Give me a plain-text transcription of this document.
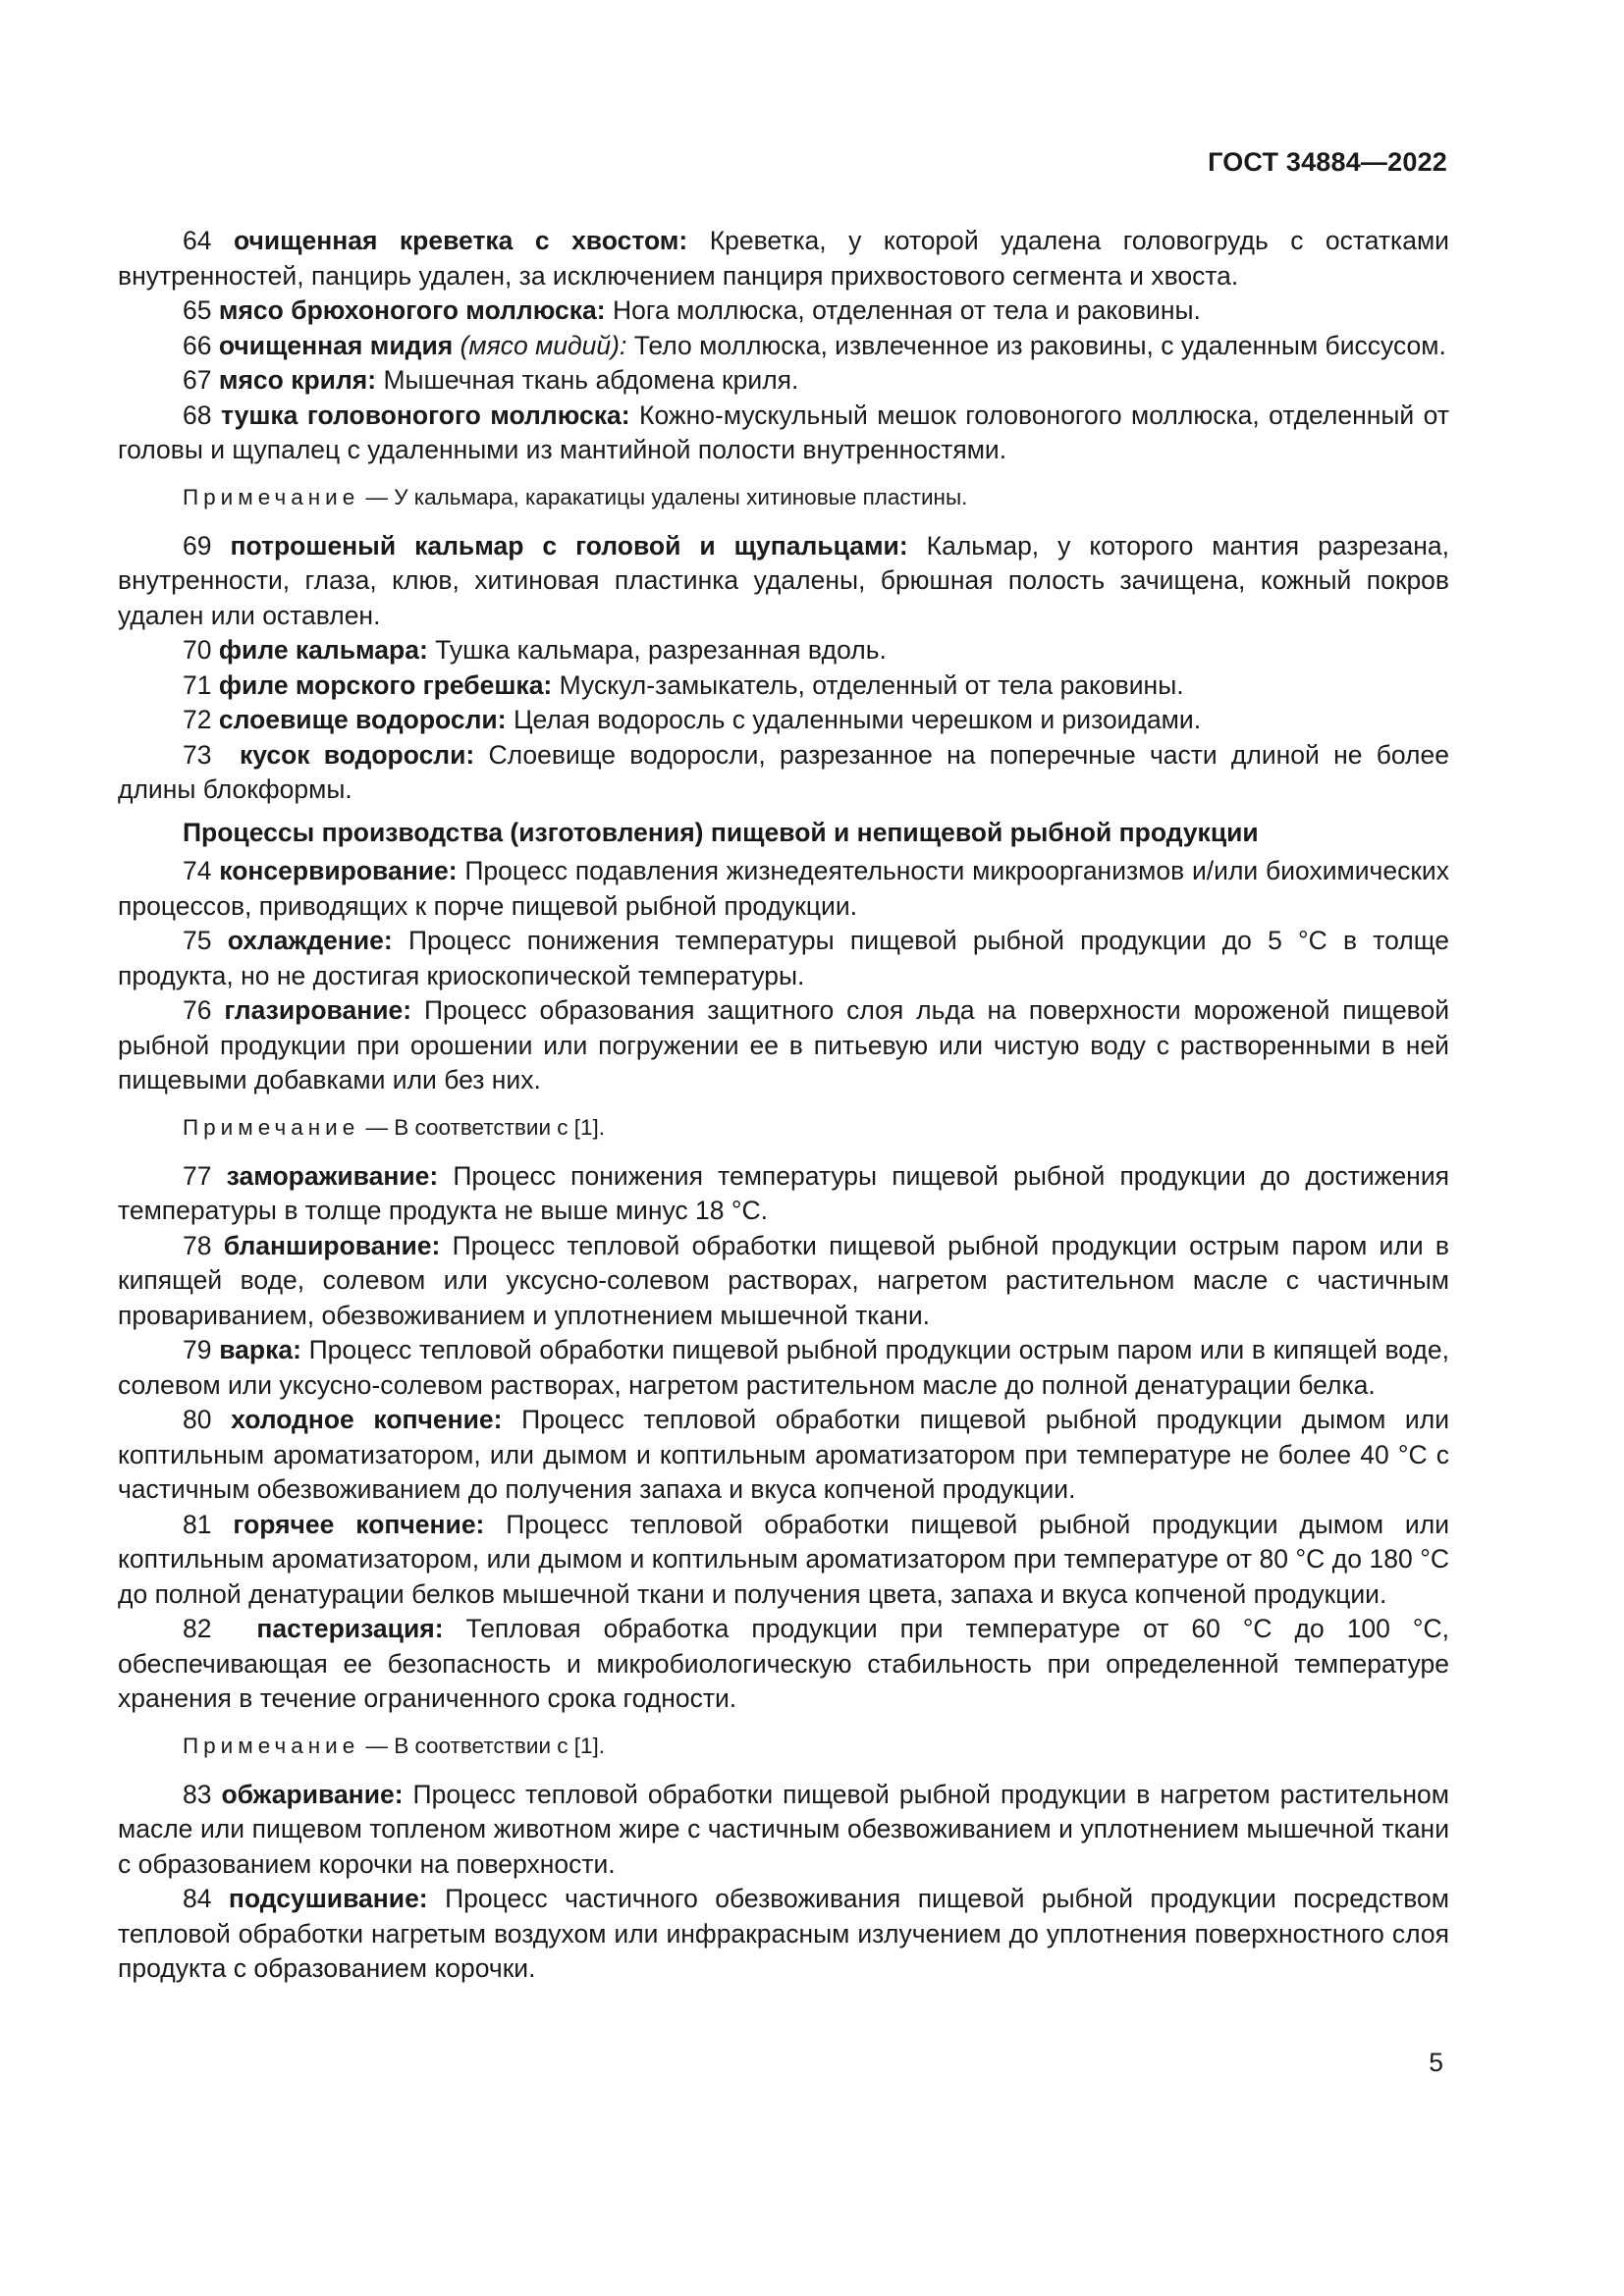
ГОСТ 34884—2022

64 очищенная креветка с хвостом: Креветка, у которой удалена головогрудь с остатками внутренностей, панцирь удален, за исключением панциря прихвостового сегмента и хвоста.

65 мясо брюхоногого моллюска: Нога моллюска, отделенная от тела и раковины.

66 очищенная мидия (мясо мидий): Тело моллюска, извлеченное из раковины, с удаленным биссусом.

67 мясо криля: Мышечная ткань абдомена криля.

68 тушка головоногого моллюска: Кожно-мускульный мешок головоногого моллюска, отделенный от головы и щупалец с удаленными из мантийной полости внутренностями.

Примечание — У кальмара, каракатицы удалены хитиновые пластины.

69 потрошеный кальмар с головой и щупальцами: Кальмар, у которого мантия разрезана, внутренности, глаза, клюв, хитиновая пластинка удалены, брюшная полость зачищена, кожный покров удален или оставлен.

70 филе кальмара: Тушка кальмара, разрезанная вдоль.

71 филе морского гребешка: Мускул-замыкатель, отделенный от тела раковины.

72 слоевище водоросли: Целая водоросль с удаленными черешком и ризоидами.

73 кусок водоросли: Слоевище водоросли, разрезанное на поперечные части длиной не более длины блокформы.

Процессы производства (изготовления) пищевой и непищевой рыбной продукции

74 консервирование: Процесс подавления жизнедеятельности микроорганизмов и/или биохимических процессов, приводящих к порче пищевой рыбной продукции.

75 охлаждение: Процесс понижения температуры пищевой рыбной продукции до 5 °С в толще продукта, но не достигая криоскопической температуры.

76 глазирование: Процесс образования защитного слоя льда на поверхности мороженой пищевой рыбной продукции при орошении или погружении ее в питьевую или чистую воду с растворенными в ней пищевыми добавками или без них.

Примечание — В соответствии с [1].

77 замораживание: Процесс понижения температуры пищевой рыбной продукции до достижения температуры в толще продукта не выше минус 18 °С.

78 бланширование: Процесс тепловой обработки пищевой рыбной продукции острым паром или в кипящей воде, солевом или уксусно-солевом растворах, нагретом растительном масле с частичным провариванием, обезвоживанием и уплотнением мышечной ткани.

79 варка: Процесс тепловой обработки пищевой рыбной продукции острым паром или в кипящей воде, солевом или уксусно-солевом растворах, нагретом растительном масле до полной денатурации белка.

80 холодное копчение: Процесс тепловой обработки пищевой рыбной продукции дымом или коптильным ароматизатором, или дымом и коптильным ароматизатором при температуре не более 40 °С с частичным обезвоживанием до получения запаха и вкуса копченой продукции.

81 горячее копчение: Процесс тепловой обработки пищевой рыбной продукции дымом или коптильным ароматизатором, или дымом и коптильным ароматизатором при температуре от 80 °С до 180 °С до полной денатурации белков мышечной ткани и получения цвета, запаха и вкуса копченой продукции.

82 пастеризация: Тепловая обработка продукции при температуре от 60 °С до 100 °С, обеспечивающая ее безопасность и микробиологическую стабильность при определенной температуре хранения в течение ограниченного срока годности.

Примечание — В соответствии с [1].

83 обжаривание: Процесс тепловой обработки пищевой рыбной продукции в нагретом растительном масле или пищевом топленом животном жире с частичным обезвоживанием и уплотнением мышечной ткани с образованием корочки на поверхности.

84 подсушивание: Процесс частичного обезвоживания пищевой рыбной продукции посредством тепловой обработки нагретым воздухом или инфракрасным излучением до уплотнения поверхностного слоя продукта с образованием корочки.

5
